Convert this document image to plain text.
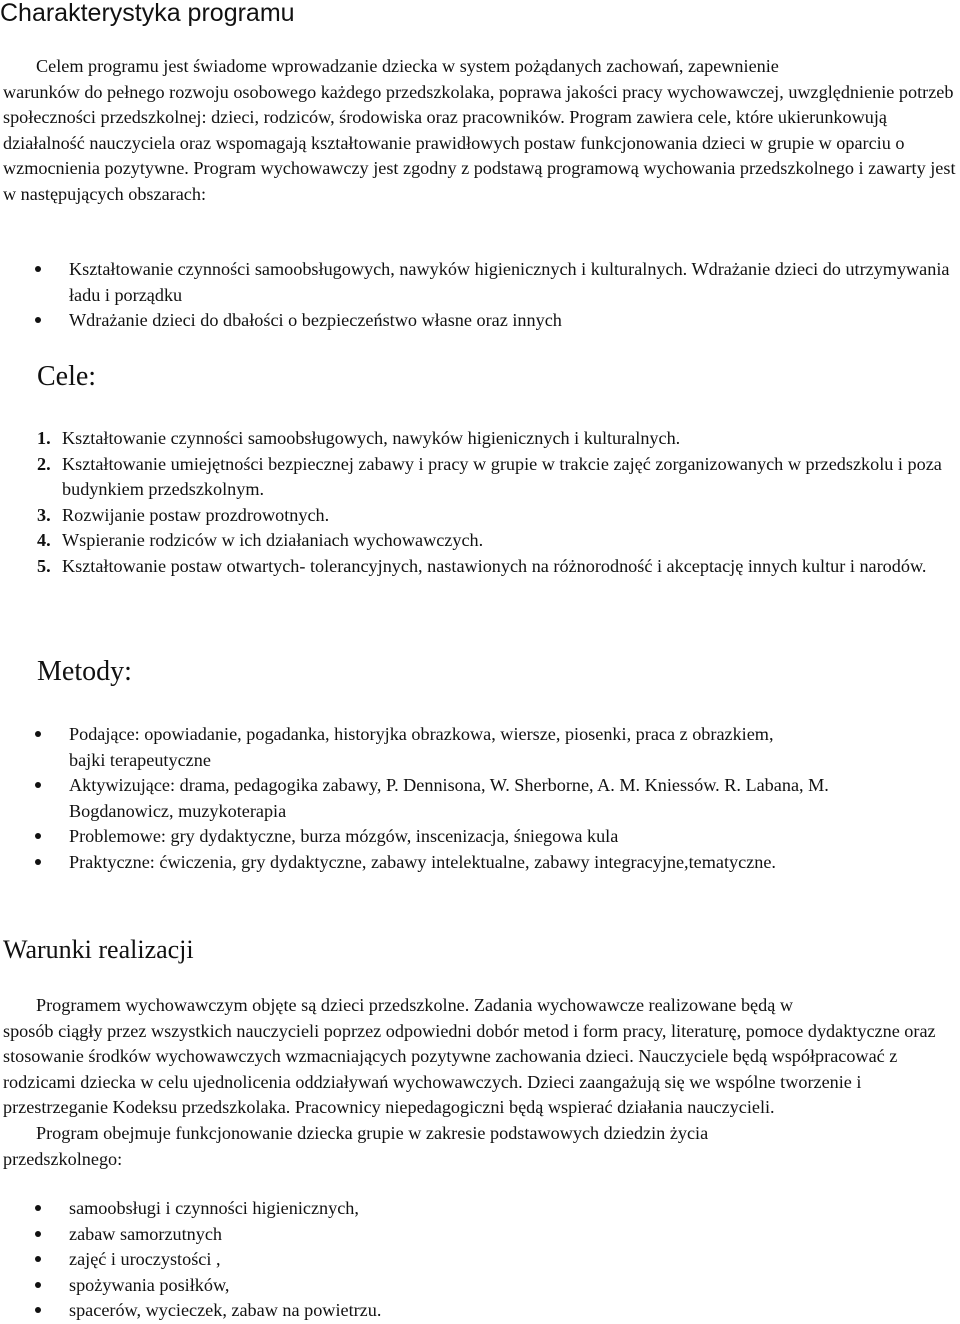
Charakterystyka programu

Celem programu jest świadome wprowadzanie dziecka w system pożądanych zachowań, zapewnienie
warunków do pełnego rozwoju osobowego każdego przedszkolaka, poprawa jakości pracy wychowawczej, uwzględnienie potrzeb społeczności przedszkolnej: dzieci, rodziców, środowiska oraz pracowników. Program zawiera cele, które ukierunkowują działalność nauczyciela oraz wspomagają kształtowanie prawidłowych postaw funkcjonowania dzieci w grupie w oparciu o wzmocnienia pozytywne. Program wychowawczy jest zgodny z podstawą programową wychowania przedszkolnego i zawarty jest w następujących obszarach:

Kształtowanie czynności samoobsługowych, nawyków higienicznych i kulturalnych. Wdrażanie dzieci do utrzymywania ładu i porządku
Wdrażanie dzieci do dbałości o bezpieczeństwo własne oraz innych
Cele:
1. Kształtowanie czynności samoobsługowych, nawyków higienicznych i kulturalnych.
2. Kształtowanie umiejętności bezpiecznej zabawy i pracy w grupie w trakcie zajęć zorganizowanych w przedszkolu i poza budynkiem przedszkolnym.
3. Rozwijanie postaw prozdrowotnych.
4. Wspieranie rodziców w ich działaniach wychowawczych.
5. Kształtowanie postaw otwartych- tolerancyjnych, nastawionych na różnorodność i akceptację innych kultur i narodów.
Metody:
Podające: opowiadanie, pogadanka, historyjka obrazkowa, wiersze, piosenki, praca z obrazkiem, bajki terapeutyczne
Aktywizujące: drama, pedagogika zabawy, P. Dennisona, W. Sherborne, A. M. Kniessów. R. Labana, M. Bogdanowicz, muzykoterapia
Problemowe: gry dydaktyczne, burza mózgów, inscenizacja, śniegowa kula
Praktyczne: ćwiczenia, gry dydaktyczne, zabawy intelektualne, zabawy integracyjne,tematyczne.
Warunki realizacji

Programem wychowawczym objęte są dzieci przedszkolne. Zadania wychowawcze realizowane będą w
sposób ciągły przez wszystkich nauczycieli poprzez odpowiedni dobór metod i form pracy, literaturę, pomoce dydaktyczne oraz stosowanie środków wychowawczych wzmacniających pozytywne zachowania dzieci. Nauczyciele będą współpracować z rodzicami dziecka w celu ujednolicenia oddziaływań wychowawczych. Dzieci zaangażują się we wspólne tworzenie i przestrzeganie Kodeksu przedszkolaka. Pracownicy niepedagogiczni będą wspierać działania nauczycieli.
Program obejmuje funkcjonowanie dziecka grupie w zakresie podstawowych dziedzin życia
przedszkolnego:

samoobsługi i czynności higienicznych,
zabaw samorzutnych
zajęć i uroczystości ,
spożywania posiłków,
spacerów, wycieczek, zabaw na powietrzu.
